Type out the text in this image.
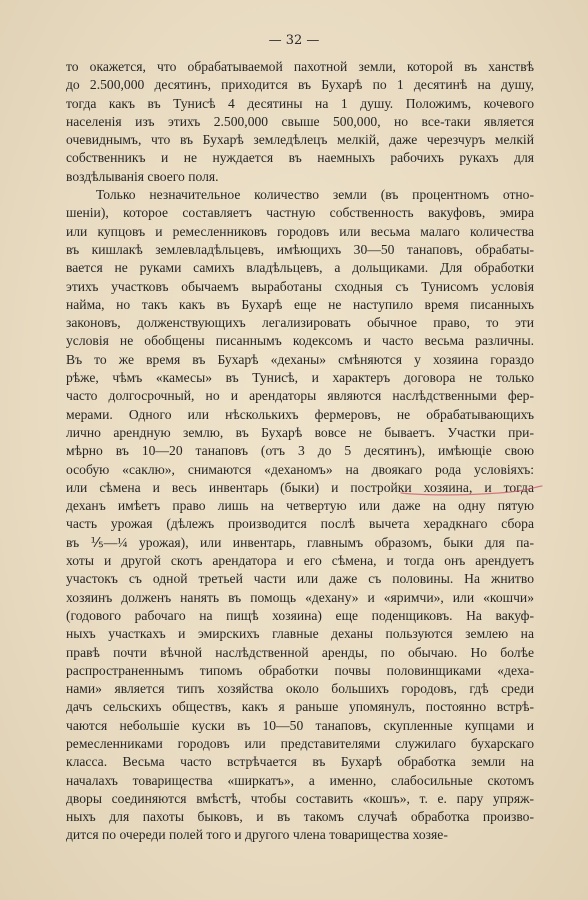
— 32 —
то окажется, что обрабатываемой пахотной земли, которой въ ханствѣ
до 2.500,000 десятинъ, приходится въ Бухарѣ по 1 десятинѣ на душу,
тогда какъ въ Тунисѣ 4 десятины на 1 душу. Положимъ, кочевого
населенія изъ этихъ 2.500,000 свыше 500,000, но все-таки является
очевиднымъ, что въ Бухарѣ земледѣлецъ мелкій, даже черезчуръ мелкій
собственникъ и не нуждается въ наемныхъ рабочихъ рукахъ для
воздѣлыванія своего поля.
Только незначительное количество земли (въ процентномъ отно-
шеніи), которое составляетъ частную собственность вакуфовъ, эмира
или купцовъ и ремесленниковъ городовъ или весьма малаго количества
въ кишлакѣ землевладѣльцевъ, имѣющихъ 30—50 танаповъ, обрабаты-
вается не руками самихъ владѣльцевъ, а дольщиками. Для обработки
этихъ участковъ обычаемъ выработаны сходныя съ Тунисомъ условія
найма, но такъ какъ въ Бухарѣ еще не наступило время писанныхъ
законовъ, долженствующихъ легализировать обычное право, то эти
условія не обобщены писаннымъ кодексомъ и часто весьма различны.
Въ то же время въ Бухарѣ «деханы» смѣняются у хозяина гораздо
рѣже, чѣмъ «камесы» въ Тунисѣ, и характеръ договора не только
часто долгосрочный, но и арендаторы являются наслѣдственными фер-
мерами. Одного или нѣсколькихъ фермеровъ, не обрабатывающихъ
лично арендную землю, въ Бухарѣ вовсе не бываетъ. Участки при-
мѣрно въ 10—20 танаповъ (отъ 3 до 5 десятинъ), имѣющіе свою
особую «саклю», снимаются «деханомъ» на двоякаго рода условіяхъ:
или сѣмена и весь инвентарь (быки) и постройки хозяина, и тогда
деханъ имѣетъ право лишь на четвертую или даже на одну пятую
часть урожая (дѣлежъ производится послѣ вычета херадкнаго сбора
въ ⅕—¼ урожая), или инвентарь, главнымъ образомъ, быки для па-
хоты и другой скотъ арендатора и его сѣмена, и тогда онъ арендуетъ
участокъ съ одной третьей части или даже съ половины. На жнитво
хозяинъ долженъ нанять въ помощь «дехану» и «яримчи», или «кошчи»
(годового рабочаго на пищѣ хозяина) еще поденщиковъ. На вакуф-
ныхъ участкахъ и эмирскихъ главные деханы пользуются землею на
правѣ почти вѣчной наслѣдственной аренды, по обычаю. Но болѣе
распространеннымъ типомъ обработки почвы половинщиками «деха-
нами» является типъ хозяйства около большихъ городовъ, гдѣ среди
дачъ сельскихъ обществъ, какъ я раньше упомянулъ, постоянно встрѣ-
чаются небольшіе куски въ 10—50 танаповъ, скупленные купцами и
ремесленниками городовъ или представителями служилаго бухарскаго
класса. Весьма часто встрѣчается въ Бухарѣ обработка земли на
началахъ товарищества «ширкатъ», а именно, слабосильные скотомъ
дворы соединяются вмѣстѣ, чтобы составить «кошъ», т. е. пару упряж-
ныхъ для пахоты быковъ, и въ такомъ случаѣ обработка произво-
дится по очереди полей того и другого члена товарищества хозяе-
